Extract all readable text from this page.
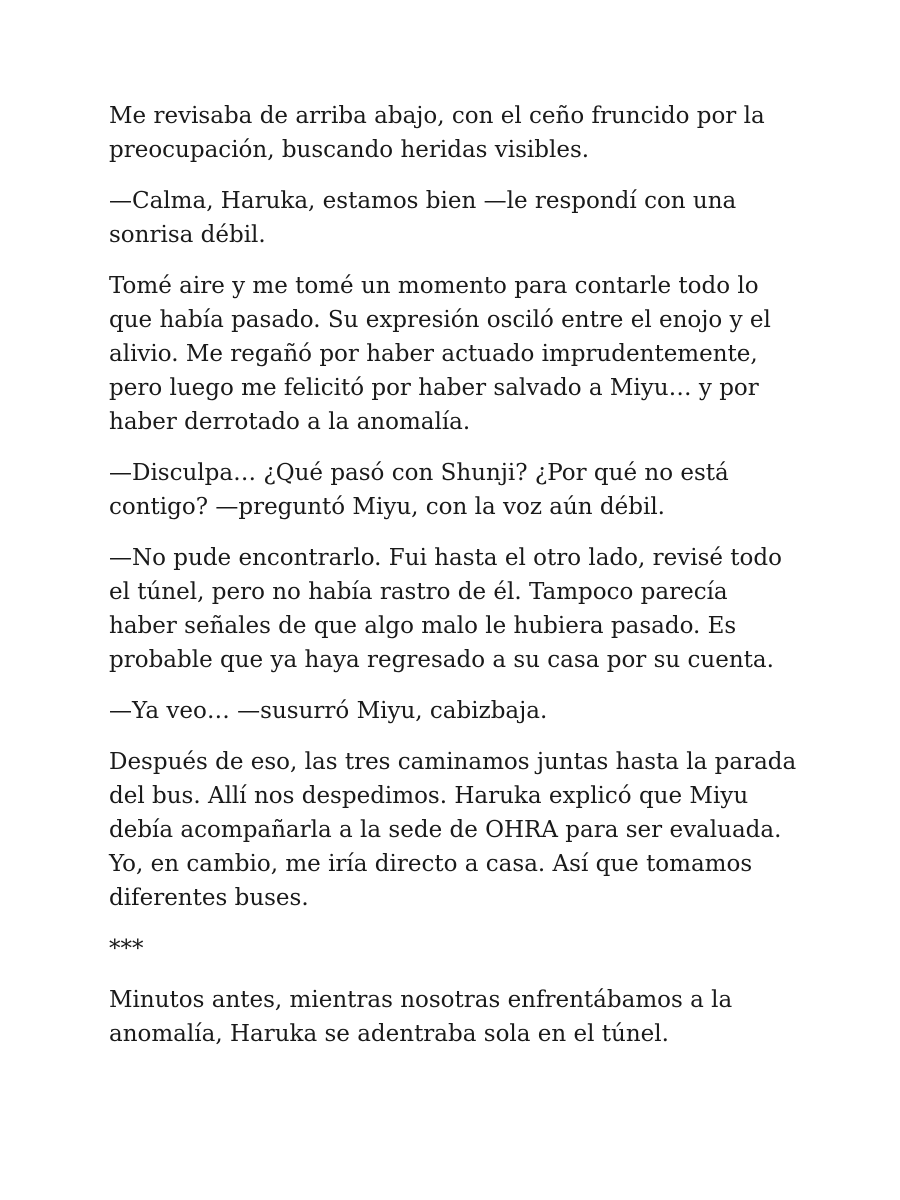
Me revisaba de arriba abajo, con el ceño fruncido por la preocupación, buscando heridas visibles.

—Calma, Haruka, estamos bien —le respondí con una sonrisa débil.

Tomé aire y me tomé un momento para contarle todo lo que había pasado. Su expresión osciló entre el enojo y el alivio. Me regañó por haber actuado imprudentemente, pero luego me felicitó por haber salvado a Miyu… y por haber derrotado a la anomalía.

—Disculpa… ¿Qué pasó con Shunji? ¿Por qué no está contigo? —preguntó Miyu, con la voz aún débil.

—No pude encontrarlo. Fui hasta el otro lado, revisé todo el túnel, pero no había rastro de él. Tampoco parecía haber señales de que algo malo le hubiera pasado. Es probable que ya haya regresado a su casa por su cuenta.

—Ya veo… —susurró Miyu, cabizbaja.

Después de eso, las tres caminamos juntas hasta la parada del bus. Allí nos despedimos. Haruka explicó que Miyu debía acompañarla a la sede de OHRA para ser evaluada. Yo, en cambio, me iría directo a casa. Así que tomamos diferentes buses.

***

Minutos antes, mientras nosotras enfrentábamos a la anomalía, Haruka se adentraba sola en el túnel.
